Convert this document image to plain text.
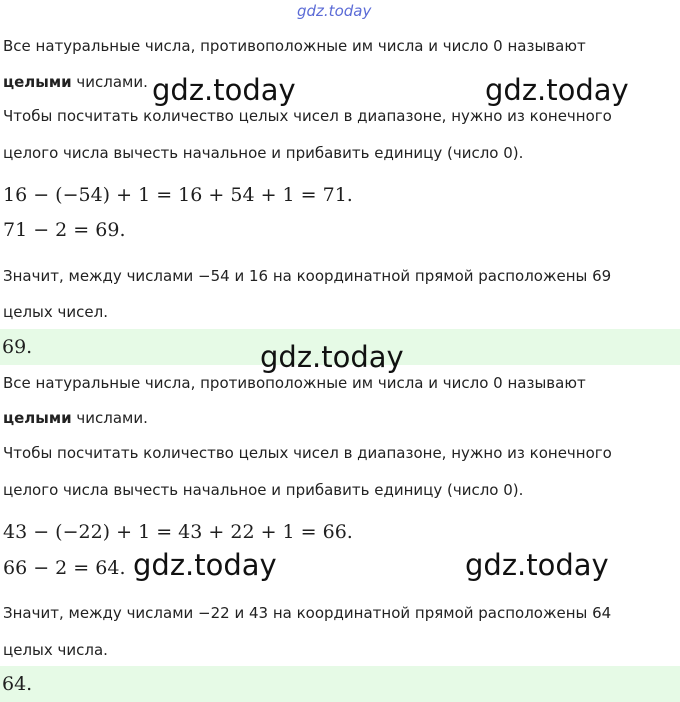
gdz.today
Все натуральные числа, противоположные им числа и число 0 называют
целыми числами.
Чтобы посчитать количество целых чисел в диапазоне, нужно из конечного
целого числа вычесть начальное и прибавить единицу (число 0).
16 − (−54) + 1 = 16 + 54 + 1 = 71.
71 − 2 = 69.
Значит, между числами −54 и 16 на координатной прямой расположены 69
целых чисел.
69.
Все натуральные числа, противоположные им числа и число 0 называют
целыми числами.
Чтобы посчитать количество целых чисел в диапазоне, нужно из конечного
целого числа вычесть начальное и прибавить единицу (число 0).
43 − (−22) + 1 = 43 + 22 + 1 = 66.
66 − 2 = 64.
Значит, между числами −22 и 43 на координатной прямой расположены 64
целых числа.
64.
gdz.today	gdz.today
gdz.today
gdz.today	gdz.today
